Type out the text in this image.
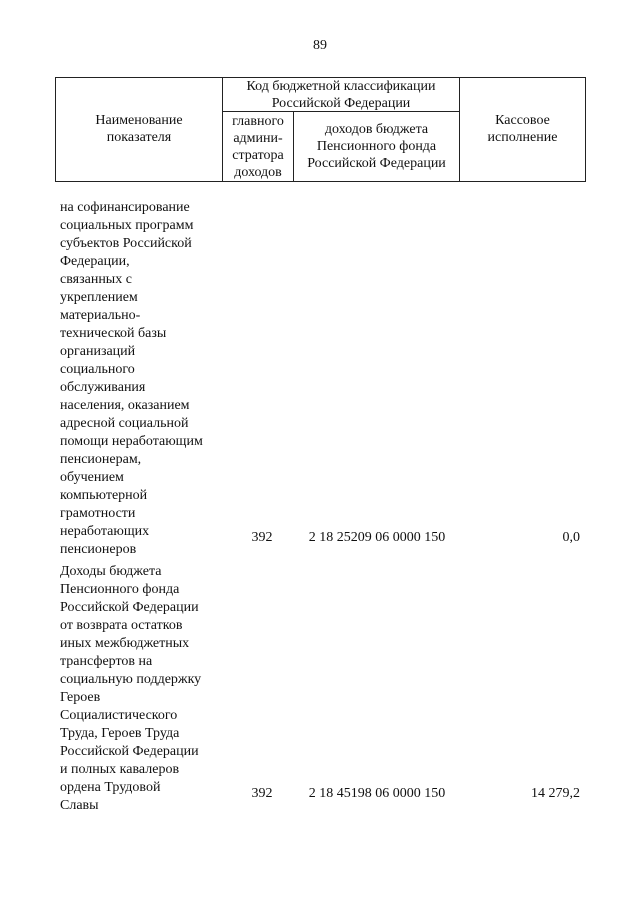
89
Наименование
показателя
Код бюджетной классификации
Российской Федерации
главного
админи-
стратора
доходов
доходов бюджета
Пенсионного фонда
Российской Федерации
Кассовое
исполнение
на софинансирование
социальных программ
субъектов Российской
Федерации,
связанных с
укреплением
материально-
технической базы
организаций
социального
обслуживания
населения, оказанием
адресной социальной
помощи неработающим
пенсионерам,
обучением
компьютерной
грамотности
неработающих
пенсионеров
392	2 18 25209 06 0000 150	0,0
Доходы бюджета
Пенсионного фонда
Российской Федерации
от возврата остатков
иных межбюджетных
трансфертов на
социальную поддержку
Героев
Социалистического
Труда, Героев Труда
Российской Федерации
и полных кавалеров
ордена Трудовой
Славы
392	2 18 45198 06 0000 150	14 279,2
